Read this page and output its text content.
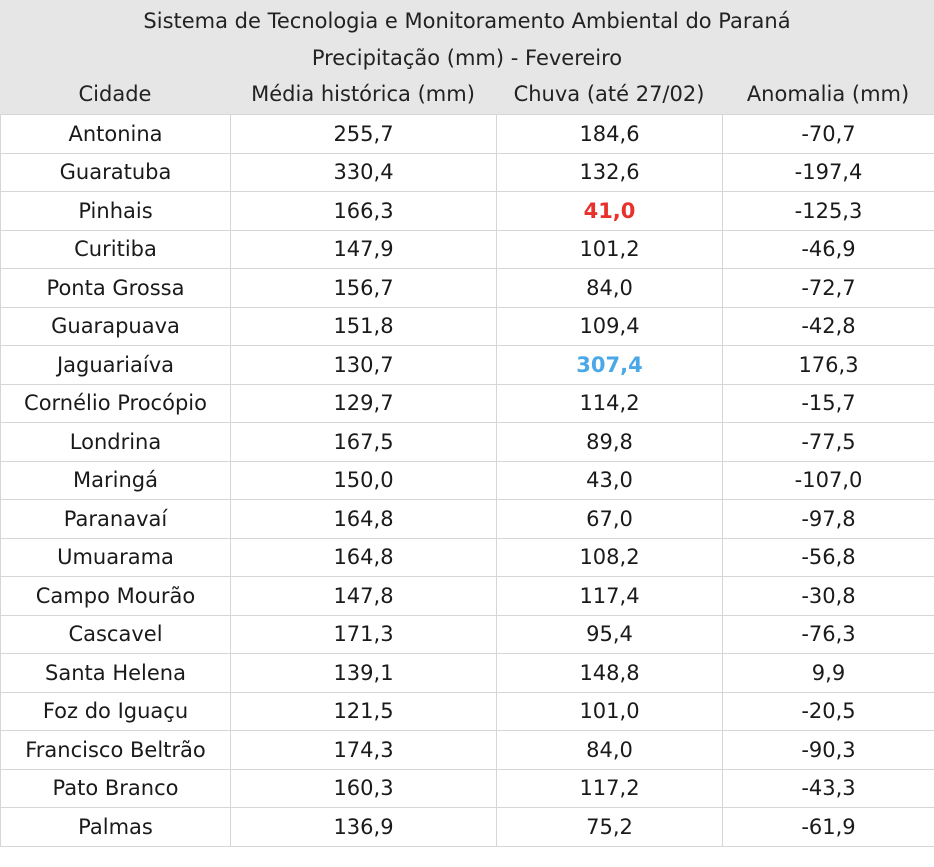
Sistema de Tecnologia e Monitoramento Ambiental do Paraná
Precipitação (mm) - Fevereiro
Cidade	Média histórica (mm)	Chuva (até 27/02)	Anomalia (mm)
Antonina	255,7	184,6	-70,7
Guaratuba	330,4	132,6	-197,4
Pinhais	166,3	41,0	-125,3
Curitiba	147,9	101,2	-46,9
Ponta Grossa	156,7	84,0	-72,7
Guarapuava	151,8	109,4	-42,8
Jaguariaíva	130,7	307,4	176,3
Cornélio Procópio	129,7	114,2	-15,7
Londrina	167,5	89,8	-77,5
Maringá	150,0	43,0	-107,0
Paranavaí	164,8	67,0	-97,8
Umuarama	164,8	108,2	-56,8
Campo Mourão	147,8	117,4	-30,8
Cascavel	171,3	95,4	-76,3
Santa Helena	139,1	148,8	9,9
Foz do Iguaçu	121,5	101,0	-20,5
Francisco Beltrão	174,3	84,0	-90,3
Pato Branco	160,3	117,2	-43,3
Palmas	136,9	75,2	-61,9
